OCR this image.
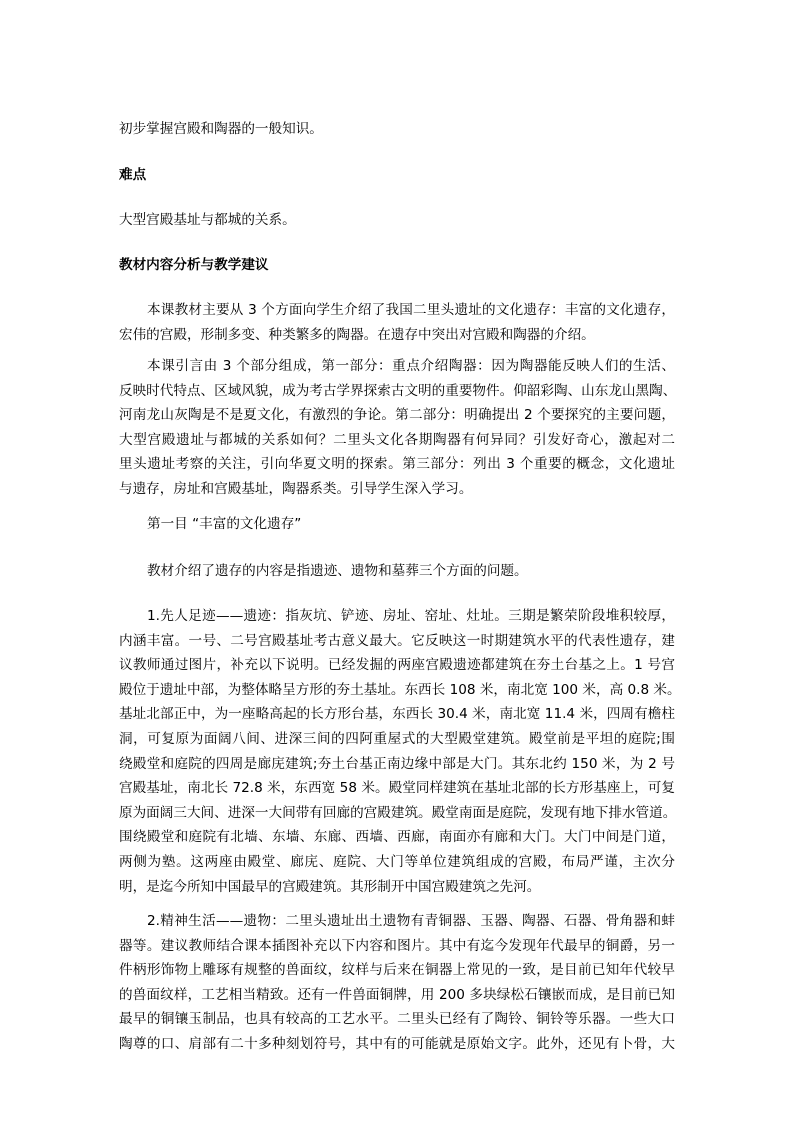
初步掌握宫殿和陶器的一般知识。
难点
大型宫殿基址与都城的关系。
教材内容分析与教学建议
本课教材主要从 3 个方面向学生介绍了我国二里头遗址的文化遗存：丰富的文化遗存，
宏伟的宫殿，形制多变、种类繁多的陶器。在遗存中突出对宫殿和陶器的介绍。
本课引言由 3 个部分组成，第一部分：重点介绍陶器：因为陶器能反映人们的生活、
反映时代特点、区域风貌，成为考古学界探索古文明的重要物件。仰韶彩陶、山东龙山黑陶、
河南龙山灰陶是不是夏文化，有激烈的争论。第二部分：明确提出 2 个要探究的主要问题，
大型宫殿遗址与都城的关系如何？二里头文化各期陶器有何异同？引发好奇心，激起对二
里头遗址考察的关注，引向华夏文明的探索。第三部分：列出 3 个重要的概念，文化遗址
与遗存，房址和宫殿基址，陶器系类。引导学生深入学习。
第一目 “丰富的文化遗存”
教材介绍了遗存的内容是指遗迹、遗物和墓葬三个方面的问题。
1.先人足迹——遗迹：指灰坑、铲迹、房址、窑址、灶址。三期是繁荣阶段堆积较厚，
内涵丰富。一号、二号宫殿基址考古意义最大。它反映这一时期建筑水平的代表性遗存，建
议教师通过图片，补充以下说明。已经发掘的两座宫殿遗迹都建筑在夯土台基之上。1 号宫
殿位于遗址中部，为整体略呈方形的夯土基址。东西长 108 米，南北宽 100 米，高 0.8 米。
基址北部正中，为一座略高起的长方形台基，东西长 30.4 米，南北宽 11.4 米，四周有檐柱
洞，可复原为面阔八间、进深三间的四阿重屋式的大型殿堂建筑。殿堂前是平坦的庭院;围
绕殿堂和庭院的四周是廊庑建筑;夯土台基正南边缘中部是大门。其东北约 150 米，为 2 号
宫殿基址，南北长 72.8 米，东西宽 58 米。殿堂同样建筑在基址北部的长方形基座上，可复
原为面阔三大间、进深一大间带有回廊的宫殿建筑。殿堂南面是庭院，发现有地下排水管道。
围绕殿堂和庭院有北墙、东墙、东廊、西墙、西廊，南面亦有廊和大门。大门中间是门道，
两侧为塾。这两座由殿堂、廊庑、庭院、大门等单位建筑组成的宫殿，布局严谨，主次分
明，是迄今所知中国最早的宫殿建筑。其形制开中国宫殿建筑之先河。
2.精神生活——遗物：二里头遗址出土遗物有青铜器、玉器、陶器、石器、骨角器和蚌
器等。建议教师结合课本插图补充以下内容和图片。其中有迄今发现年代最早的铜爵，另一
件柄形饰物上雕琢有规整的兽面纹，纹样与后来在铜器上常见的一致，是目前已知年代较早
的兽面纹样，工艺相当精致。还有一件兽面铜牌，用 200 多块绿松石镶嵌而成，是目前已知
最早的铜镶玉制品，也具有较高的工艺水平。二里头已经有了陶铃、铜铃等乐器。一些大口
陶尊的口、肩部有二十多种刻划符号，其中有的可能就是原始文字。此外，还见有卜骨，大
